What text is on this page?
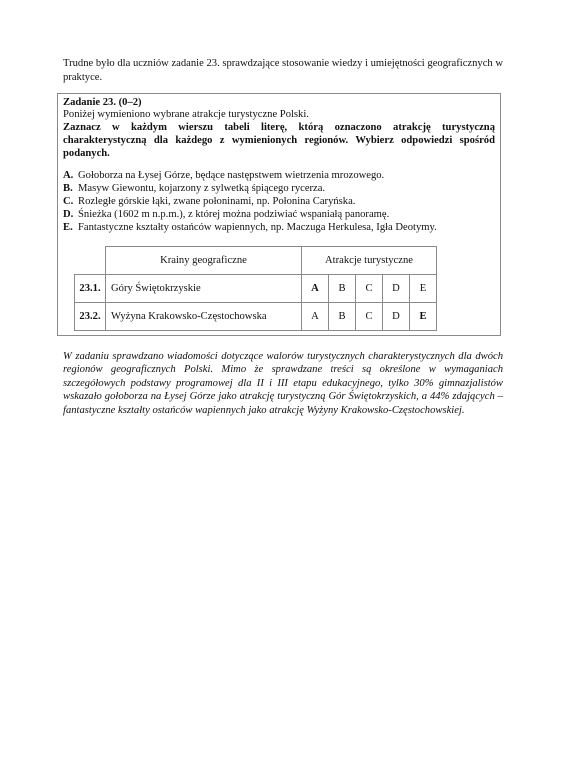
Trudne było dla uczniów zadanie 23. sprawdzające stosowanie wiedzy i umiejętności geograficznych w praktyce.
Zadanie 23. (0–2)
Poniżej wymieniono wybrane atrakcje turystyczne Polski.
Zaznacz w każdym wierszu tabeli literę, którą oznaczono atrakcję turystyczną charakterystyczną dla każdego z wymienionych regionów. Wybierz odpowiedzi spośród podanych.
A. Gołoborza na Łysej Górze, będące następstwem wietrzenia mrozowego.
B. Masyw Giewontu, kojarzony z sylwetką śpiącego rycerza.
C. Rozległe górskie łąki, zwane połoninami, np. Połonina Caryńska.
D. Śnieżka (1602 m n.p.m.), z której można podziwiać wspaniałą panoramę.
E. Fantastyczne kształty ostańców wapiennych, np. Maczuga Herkulesa, Igła Deotymy.
	Krainy geograficzne	Atrakcje turystyczne				
23.1.	Góry Świętokrzyskie	A	B	C	D	E
23.2.	Wyżyna Krakowsko-Częstochowska	A	B	C	D	E
W zadaniu sprawdzano wiadomości dotyczące walorów turystycznych charakterystycznych dla dwóch regionów geograficznych Polski. Mimo że sprawdzane treści są określone w wymaganiach szczegółowych podstawy programowej dla II i III etapu edukacyjnego, tylko 30% gimnazjalistów wskazało gołoborza na Łysej Górze jako atrakcję turystyczną Gór Świętokrzyskich, a 44% zdających – fantastyczne kształty ostańców wapiennych jako atrakcję Wyżyny Krakowsko-Częstochowskiej.
